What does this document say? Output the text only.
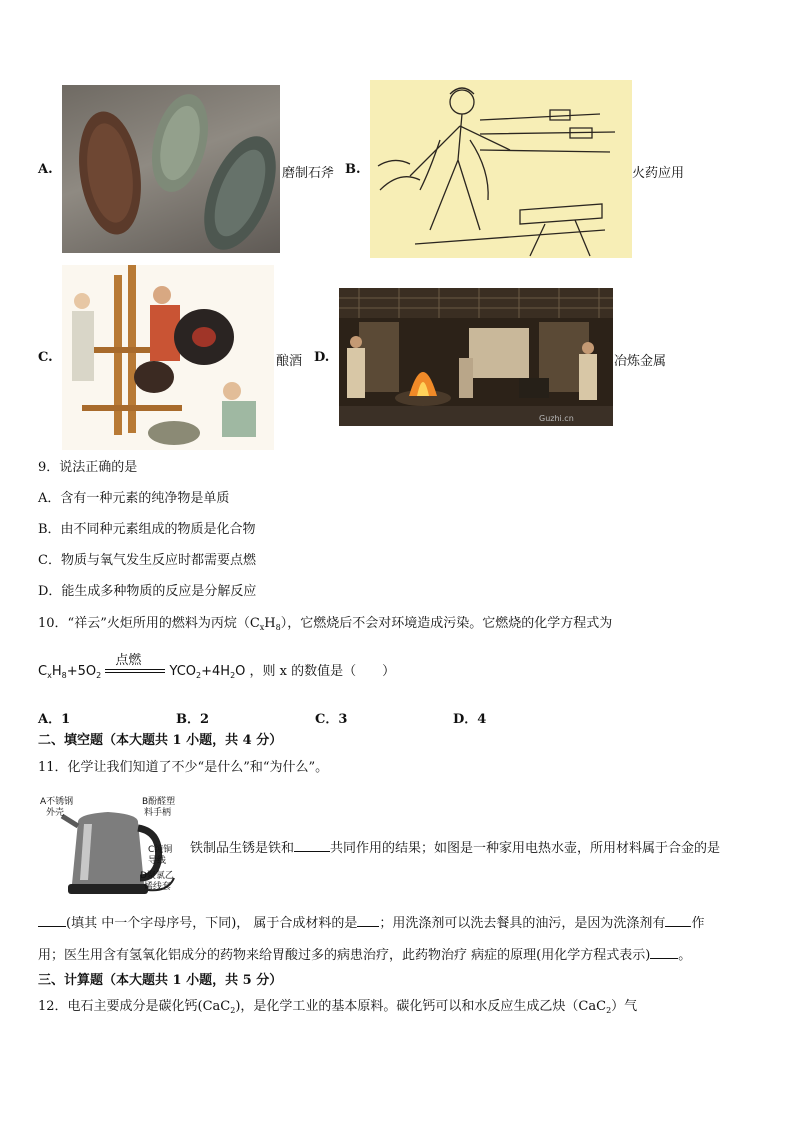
A.	磨制石斧 B.	火药应用
C.	酿酒 D.
Guzhi.cn
冶炼金属
9．说法正确的是
A．含有一种元素的纯净物是单质
B．由不同种元素组成的物质是化合物
C．物质与氧气发生反应时都需要点燃
D．能生成多种物质的反应是分解反应
10．“祥云”火炬所用的燃料为丙烷$(C_xH_8)$，它燃烧后不会对环境造成污染。它燃烧的化学方程式为
$C_xH_8+5O_2$
点燃
$YCO_2+4H_2O$ ，则 x 的数值是（　　）
A．1	B．2	C．3	D．4
二、填空题（本大题共 1 小题，共 4 分）
11．化学让我们知道了不少“是什么”和“为什么”。
A不锈钢
外壳
B酚醛塑
料手柄
C纯铜
导线
D聚氯乙
烯线套
铁制品生锈是铁和	共同作用的结果；如图是一种家用电热水壶，所用材料属于合金的是
(填其 中一个字母序号，下同)， 属于合成材料的是 ；用洗涤剂可以洗去餐具的油污，是因为洗涤剂有 作
用；医生用含有氢氧化铝成分的药物来给胃酸过多的病患治疗，此药物治疗 病症的原理(用化学方程式表示) 。
三、计算题（本大题共 1 小题，共 5 分）
12．电石主要成分是碳化钙(CaC$_2$)，是化学工业的基本原料。碳化钙可以和水反应生成乙炔（CaC$_2$）气
